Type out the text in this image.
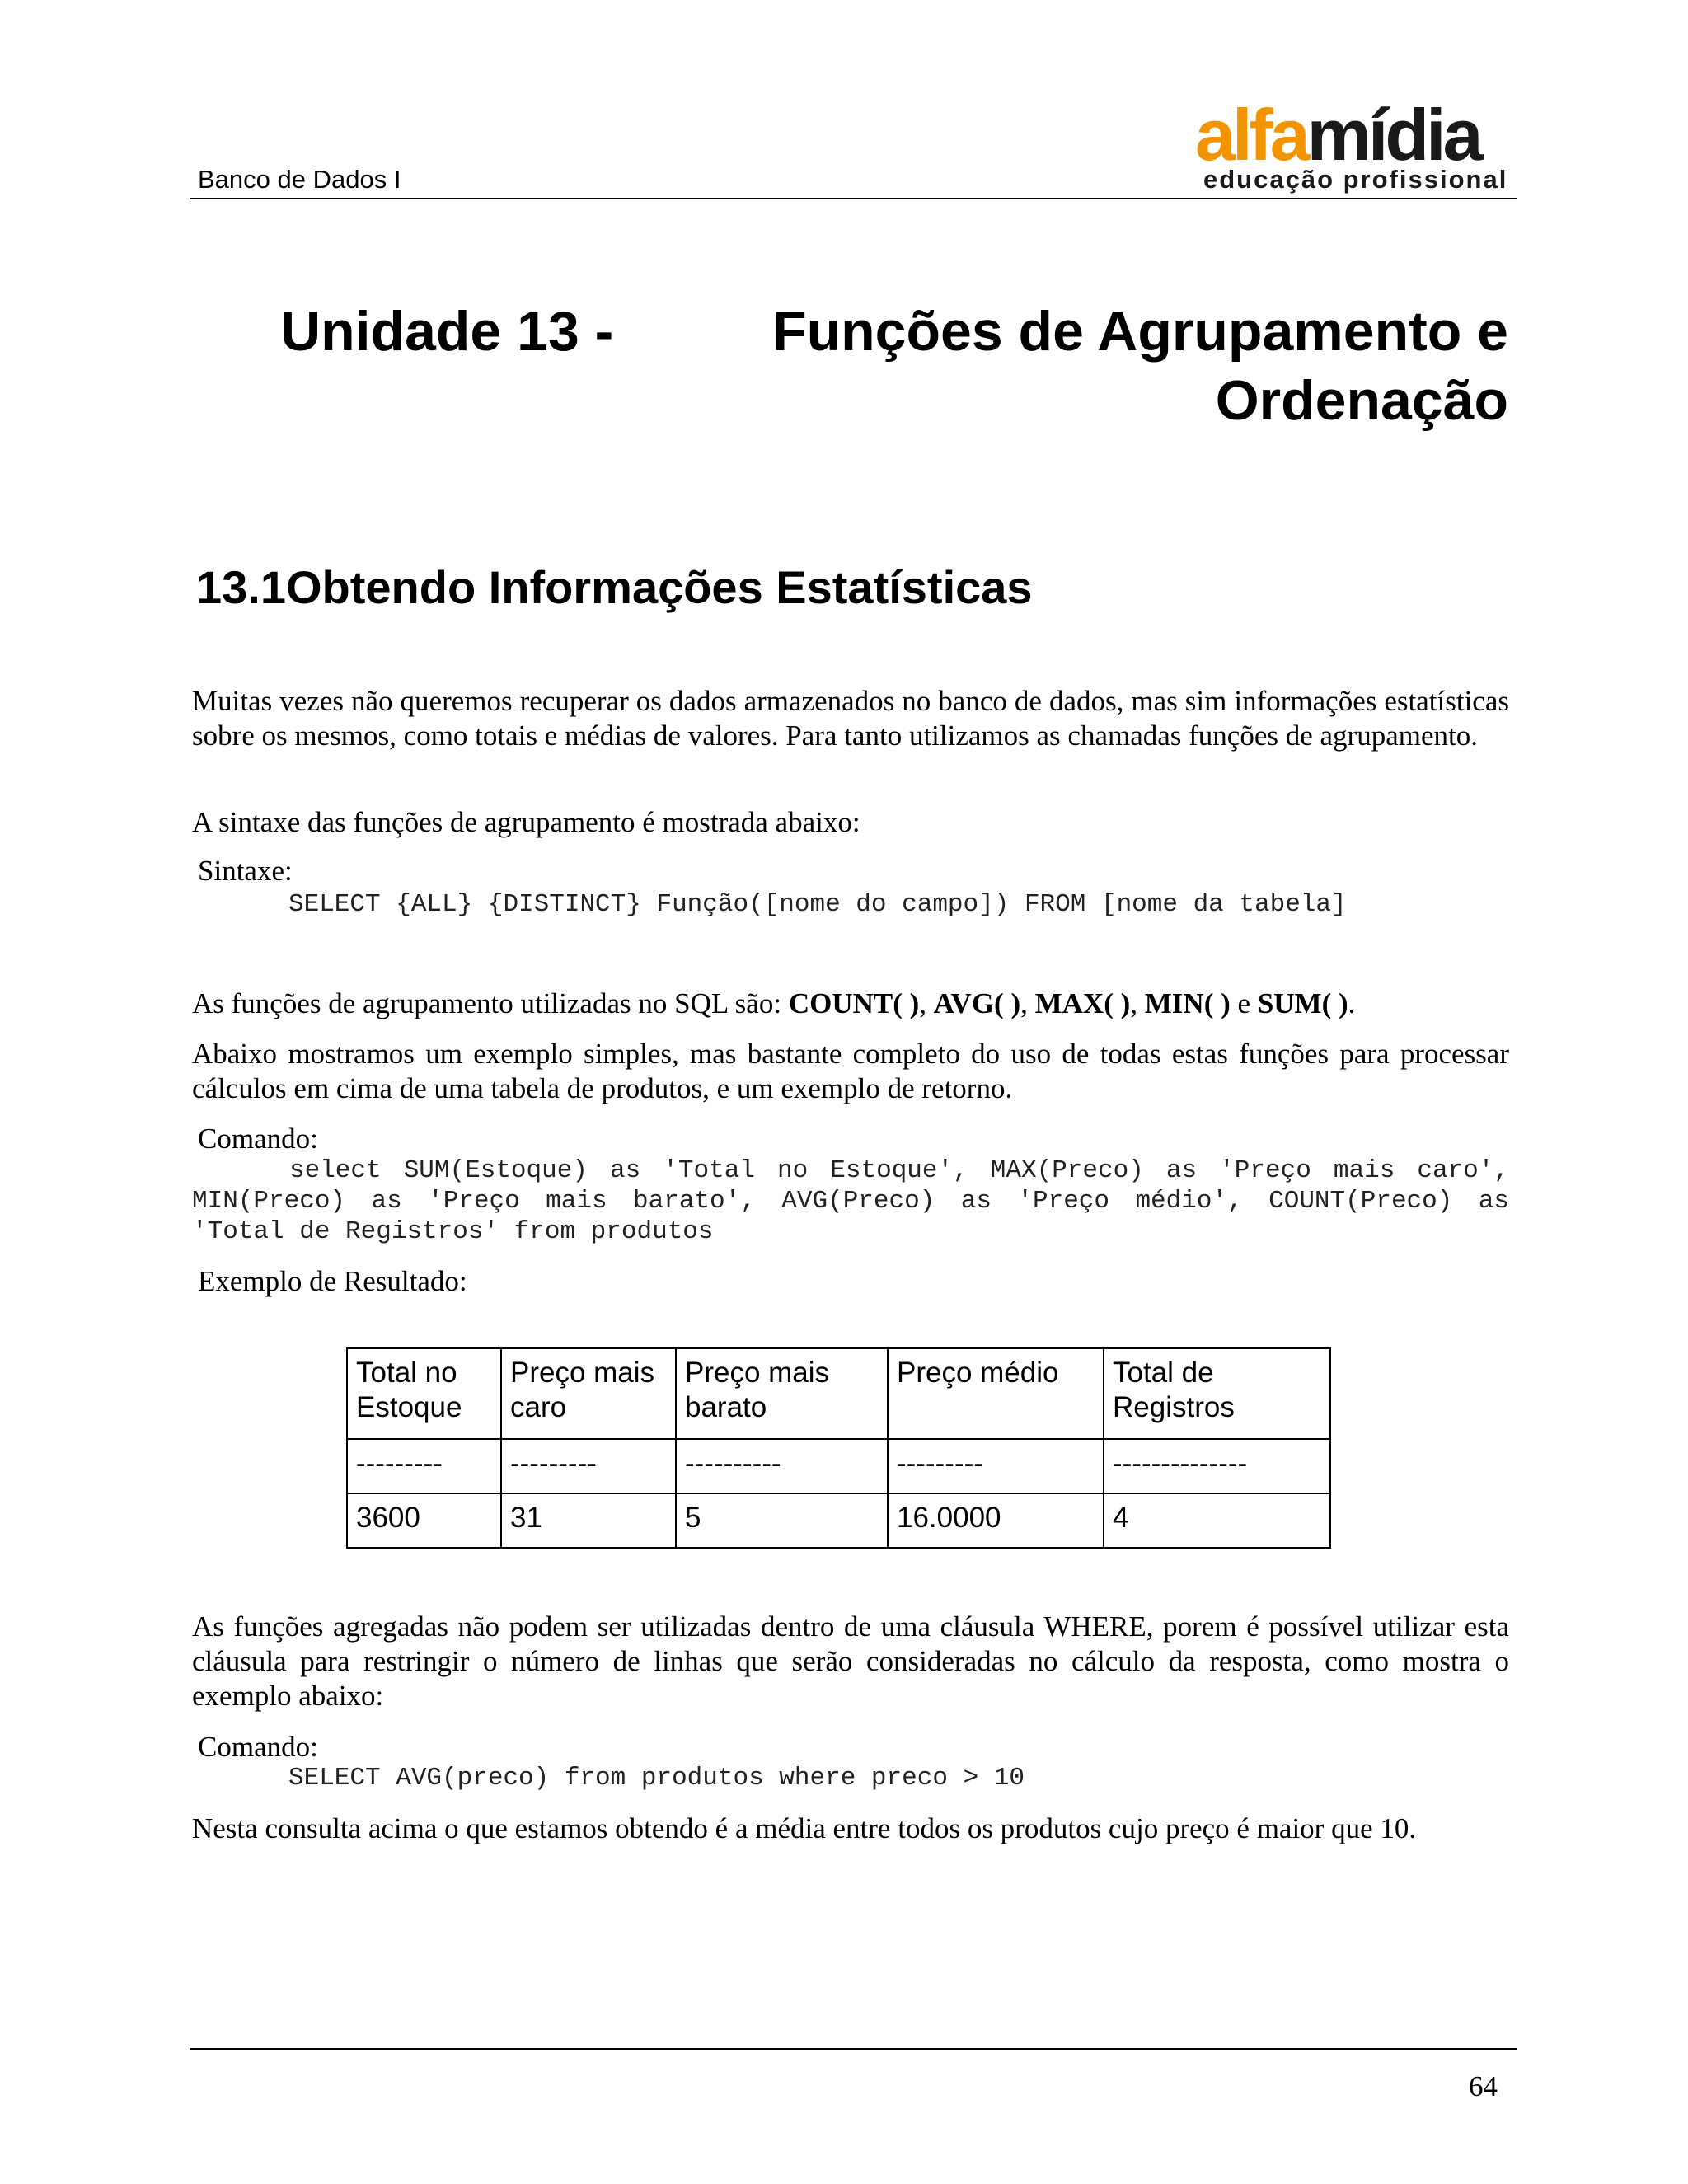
Banco de Dados I
alfamídia
educação profissional
Unidade 13 -	Funções de Agrupamento e
Ordenação
13.1Obtendo Informações Estatísticas

Muitas vezes não queremos recuperar os dados armazenados no banco de dados, mas sim informações estatísticas sobre os mesmos, como totais e médias de valores. Para tanto utilizamos as chamadas funções de agrupamento.

A sintaxe das funções de agrupamento é mostrada abaixo:

Sintaxe:
SELECT {ALL} {DISTINCT} Função([nome do campo]) FROM [nome da tabela]

As funções de agrupamento utilizadas no SQL são: COUNT( ), AVG( ), MAX( ), MIN( ) e SUM( ).

Abaixo mostramos um exemplo simples, mas bastante completo do uso de todas estas funções para processar cálculos em cima de uma tabela de produtos, e um exemplo de retorno.

Comando:

select SUM(Estoque) as 'Total no Estoque', MAX(Preco) as 'Preço mais caro', MIN(Preco) as 'Preço mais barato', AVG(Preco) as 'Preço médio', COUNT(Preco) as 'Total de Registros' from produtos

Exemplo de Resultado:
Total no Estoque	Preço mais caro	Preço mais barato	Preço médio	Total de Registros
---------	---------	----------	---------	--------------
3600	31	5	16.0000	4

As funções agregadas não podem ser utilizadas dentro de uma cláusula WHERE, porem é possível utilizar esta cláusula para restringir o número de linhas que serão consideradas no cálculo da resposta, como mostra o exemplo abaixo:

Comando:
SELECT AVG(preco) from produtos where preco > 10

Nesta consulta acima o que estamos obtendo é a média entre todos os produtos cujo preço é maior que 10.

64
